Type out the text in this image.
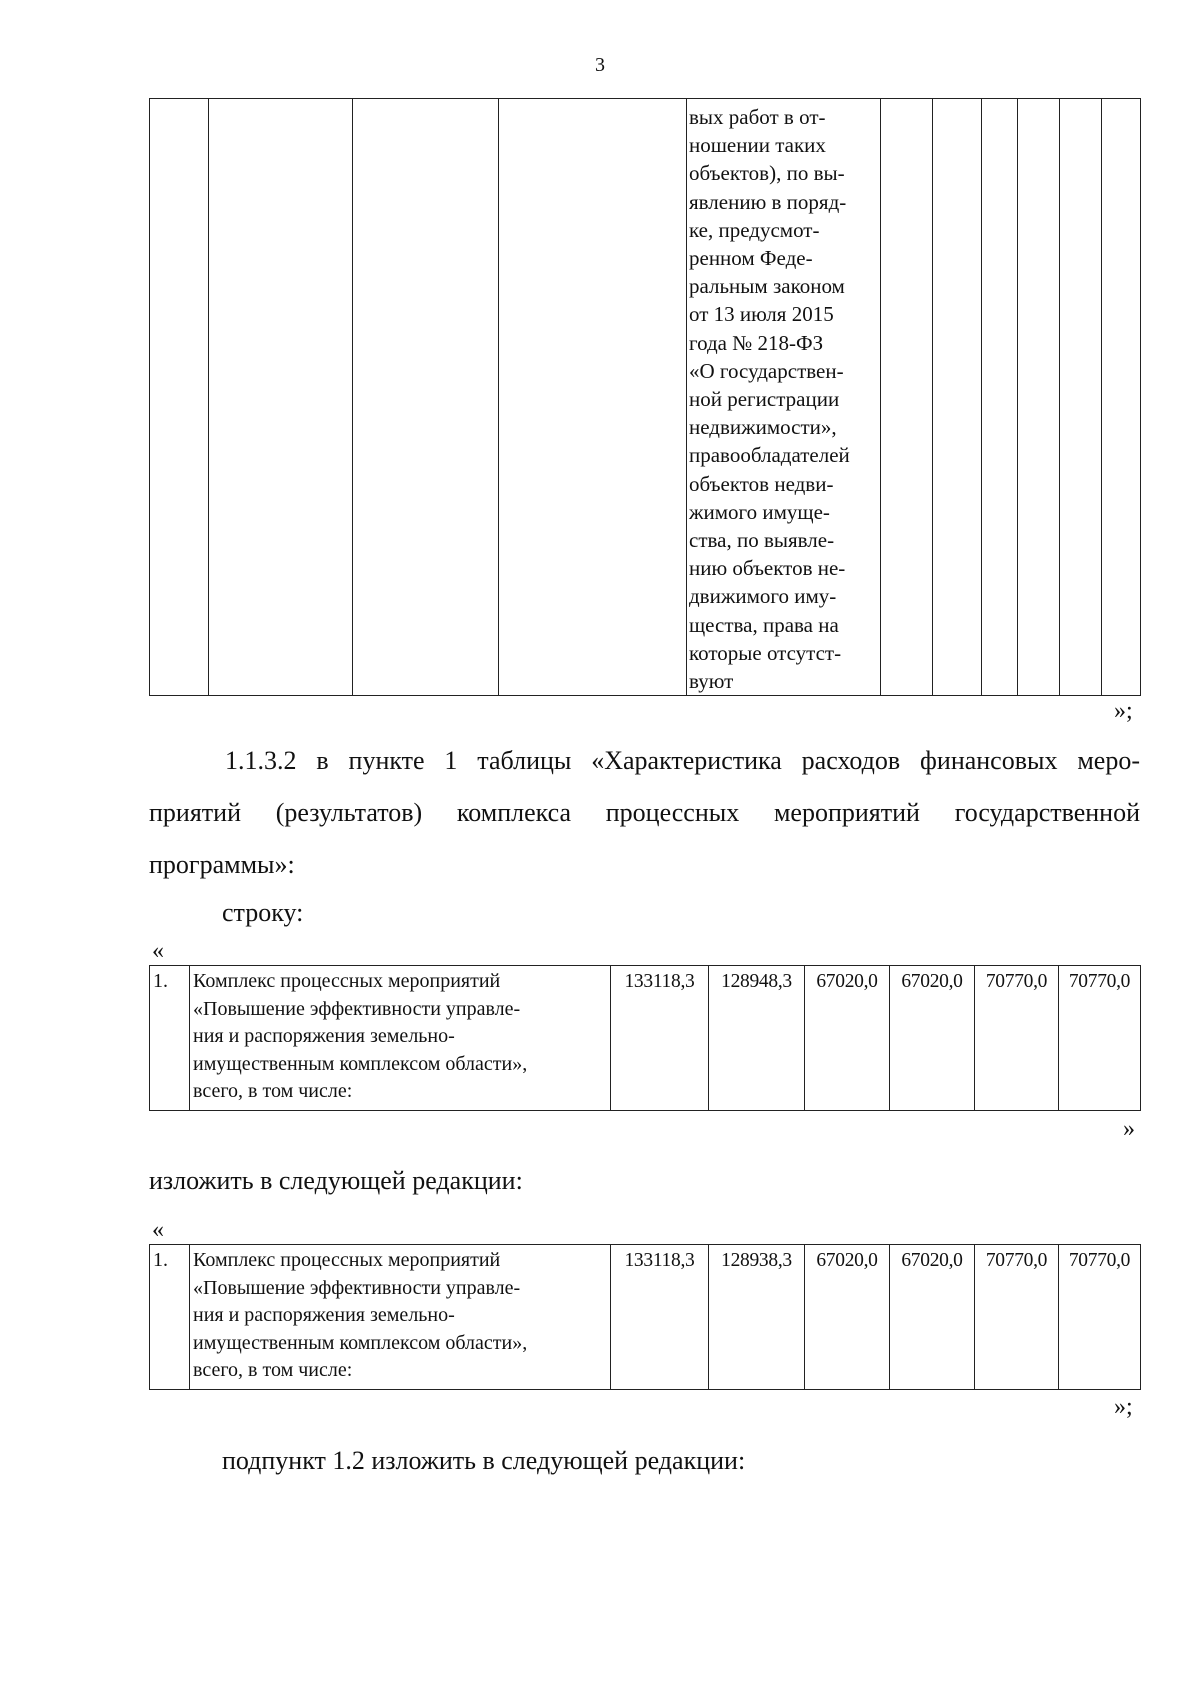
3
				вых работ в от-
ношении таких
объектов), по вы-
явлению в поряд-
ке, предусмот-
ренном Феде-
ральным законом
от 13 июля 2015
года № 218-ФЗ
«О государствен-
ной регистрации
недвижимости»,
правообладателей
объектов недви-
жимого имуще-
ства, по выявле-
нию объектов не-
движимого иму-
щества, права на
которые отсутст-
вуют						
»;
1.1.3.2 в пункте 1 таблицы «Характеристика расходов финансовых меро-
приятий (результатов) комплекса процессных мероприятий государственной
программы»:
строку:
«
1.	Комплекс процессных мероприятий
«Повышение эффективности управле-
ния и распоряжения земельно-
имущественным комплексом области»,
всего, в том числе:	133118,3	128948,3	67020,0	67020,0	70770,0	70770,0
»
изложить в следующей редакции:
«
1.	Комплекс процессных мероприятий
«Повышение эффективности управле-
ния и распоряжения земельно-
имущественным комплексом области»,
всего, в том числе:	133118,3	128938,3	67020,0	67020,0	70770,0	70770,0
»;
подпункт 1.2 изложить в следующей редакции:
